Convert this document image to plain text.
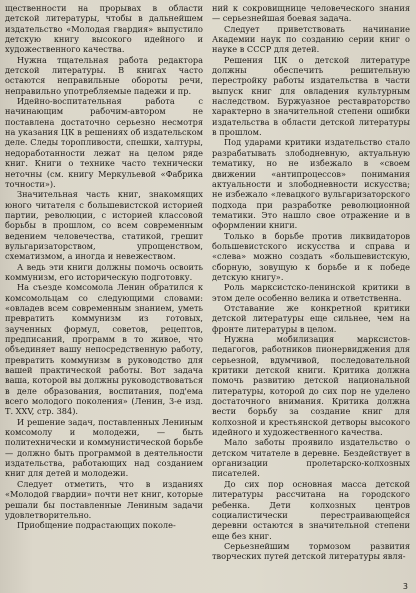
щественности на прорывах в области детской литературы, чтобы в дальнейшем издательство «Молодая гвардия» выпустило детскую книгу высокого идейного и художественного качества.

Нужна тщательная работа редактора детской литературы. В книгах часто остаются неправильные обороты речи, неправильно употребляемые падежи и пр.

Идейно-воспитательная работа с начинающим рабочим-автором не поставлена достаточно серьезно несмотря на указания ЦК в решениях об издательском деле. Следы торопливости, спешки, халтуры, недоработанности лежат на целом ряде книг. Книги о технике часто технически неточны (см. книгу Меркульевой «Фабрика точности»).

Значительная часть книг, знакомящих юного читателя с большевистской историей партии, революции, с историей классовой борьбы в прошлом, со всем современным ведением человечества, статикой, грешит вульгаризаторством, упрощенством, схематизмом, а иногда и невежеством.

А ведь эти книги должны помочь освоить коммунизм, его историческую подготовку.

На съезде комсомола Ленин обратился к комсомольцам со следующими словами: «овладев всем современным знанием, уметь превратить коммунизм из готовых, заученных формул, советов, рецептов, предписаний, программ в то живое, что объединяет вашу непосредственную работу, превратить коммунизм в руководство для вашей практической работы. Вот задача ваша, которой вы должны руководствоваться в деле образования, воспитания, под'ема всего молодого поколения» (Ленин, 3-е изд. Т. XXV, стр. 384).

И решение задач, поставленных Лениным комсомолу и молодежи, — быть политехнически и коммунистической борьбе — должно быть программой в деятельности издательства, работающих над созданием книг для детей и молодежи.

Следует отметить, что в изданиях «Молодой гвардии» почти нет книг, которые решали бы поставленные Лениным задачи удовлетворительно.

Приобщение подрастающих поколе-

ний к сокровищнице человеческого знания — серьезнейшая боевая задача.

Следует приветствовать начинание Академии наук по созданию серии книг о науке в СССР для детей.

Решения ЦК о детской литературе должны обеспечить решительную перестройку работы издательства в части выпуск книг для овладения культурным наследством. Буржуазное реставраторство характерно в значительной степени ошибки издательства в области детской литературы в прошлом.

Под ударами критики издательство стало разрабатывать злободневную, актуальную тематику, но не избежало в «своем движении «антипроцессов» понимания актуальности и злободневности искусства; не избежало «левацкого вульгаризаторского подхода при разработке революционной тематики. Это нашло свое отражение и в оформлении книги.

Только в борьбе против ликвидаторов большевистского искусства и справа и «слева» можно создать «большевистскую, сборную, зовущую к борьбе и к победе детскую книгу».

Роль марксистско-ленинской критики в этом деле особенно велика и ответственна.

Отставание же конкретной критики детской литературы еще сильнее, чем на фронте литературы в целом.

Нужна мобилизация марксистов-педагогов, работников пионервиджения для серьезной, вдумчивой, последовательной критики детской книги. Критика должна помочь развитию детской национальной литературы, которой до сих пор не уделено достаточного внимания. Критика должна вести борьбу за создание книг для колхозной и крестьянской детворы высокого идейного и художественного качества.

Мало заботы проявило издательство о детском читателе в деревне. Бездействует в организации пролетарско-колхозных писателей.

До сих пор основная масса детской литературы рассчитана на городского ребенка. Дети колхозных центров социалистически перестраивающейся деревни остаются в значительной степени еще без книг.

Серьезнейшим тормозом развития творческих путей детской литературы явля-

3
